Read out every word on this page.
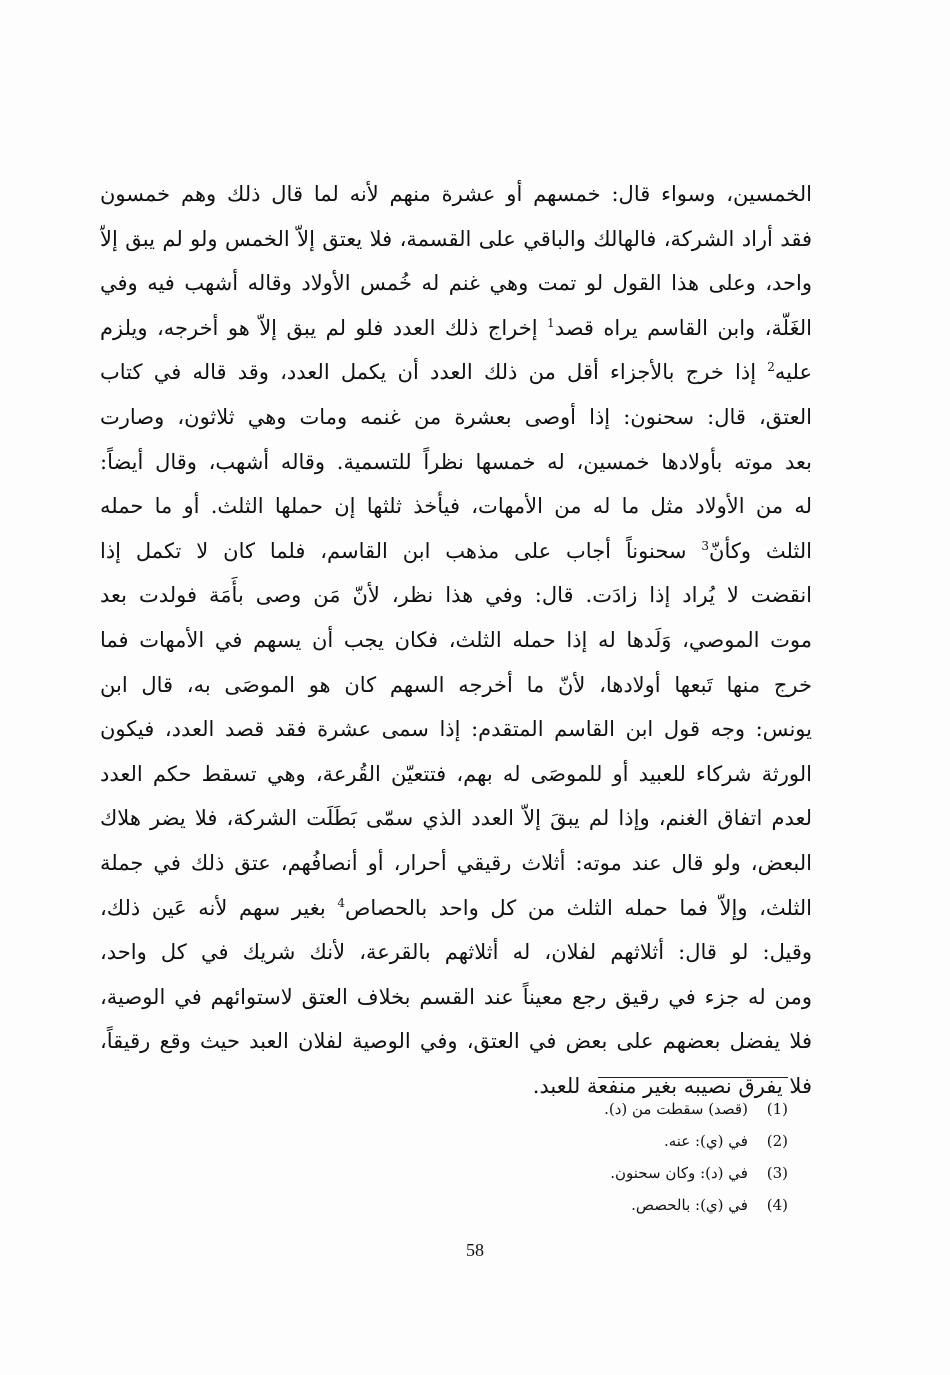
الخمسين، وسواء قال: خمسهم أو عشرة منهم لأنه لما قال ذلك وهم خمسون
فقد أراد الشركة، فالهالك والباقي على القسمة، فلا يعتق إلاّ الخمس ولو لم يبق إلاّ
واحد، وعلى هذا القول لو تمت وهي غنم له خُمس الأولاد وقاله أشهب فيه وفي
الغَلّة، وابن القاسم يراه قصد$^1$ إخراج ذلك العدد فلو لم يبق إلاّ هو أخرجه، ويلزم
عليه$^2$ إذا خرج بالأجزاء أقل من ذلك العدد أن يكمل العدد، وقد قاله في كتاب
العتق، قال: سحنون: إذا أوصى بعشرة من غنمه ومات وهي ثلاثون، وصارت
بعد موته بأولادها خمسين، له خمسها نظراً للتسمية. وقاله أشهب، وقال أيضاً:
له من الأولاد مثل ما له من الأمهات، فيأخذ ثلثها إن حملها الثلث. أو ما حمله
الثلث وكأنّ$^3$ سحنوناً أجاب على مذهب ابن القاسم، فلما كان لا تكمل إذا
انقضت لا يُراد إذا زادَت. قال: وفي هذا نظر، لأنّ مَن وصى بأَمَة فولدت بعد
موت الموصي، وَلَدها له إذا حمله الثلث، فكان يجب أن يسهم في الأمهات فما
خرج منها تَبعها أولادها، لأنّ ما أخرجه السهم كان هو الموصَى به، قال ابن
يونس: وجه قول ابن القاسم المتقدم: إذا سمى عشرة فقد قصد العدد، فيكون
الورثة شركاء للعبيد أو للموصَى له بهم، فتتعيّن القُرعة، وهي تسقط حكم العدد
لعدم اتفاق الغنم، وإذا لم يبقَ إلاّ العدد الذي سمّى بَطَلَت الشركة، فلا يضر هلاك
البعض، ولو قال عند موته: أثلاث رقيقي أحرار، أو أنصافُهم، عتق ذلك في جملة
الثلث، وإلاّ فما حمله الثلث من كل واحد بالحصاص$^4$ بغير سهم لأنه عَين ذلك،
وقيل: لو قال: أثلاثهم لفلان، له أثلاثهم بالقرعة، لأنك شريك في كل واحد،
ومن له جزء في رقيق رجع معيناً عند القسم بخلاف العتق لاستوائهم في الوصية،
فلا يفضل بعضهم على بعض في العتق، وفي الوصية لفلان العبد حيث وقع رقيقاً،
فلا يفرق نصيبه بغير منفعة للعبد.
(1) (قصد) سقطت من (د).
(2) في (ي): عنه.
(3) في (د): وكان سحنون.
(4) في (ي): بالحصص.
58
